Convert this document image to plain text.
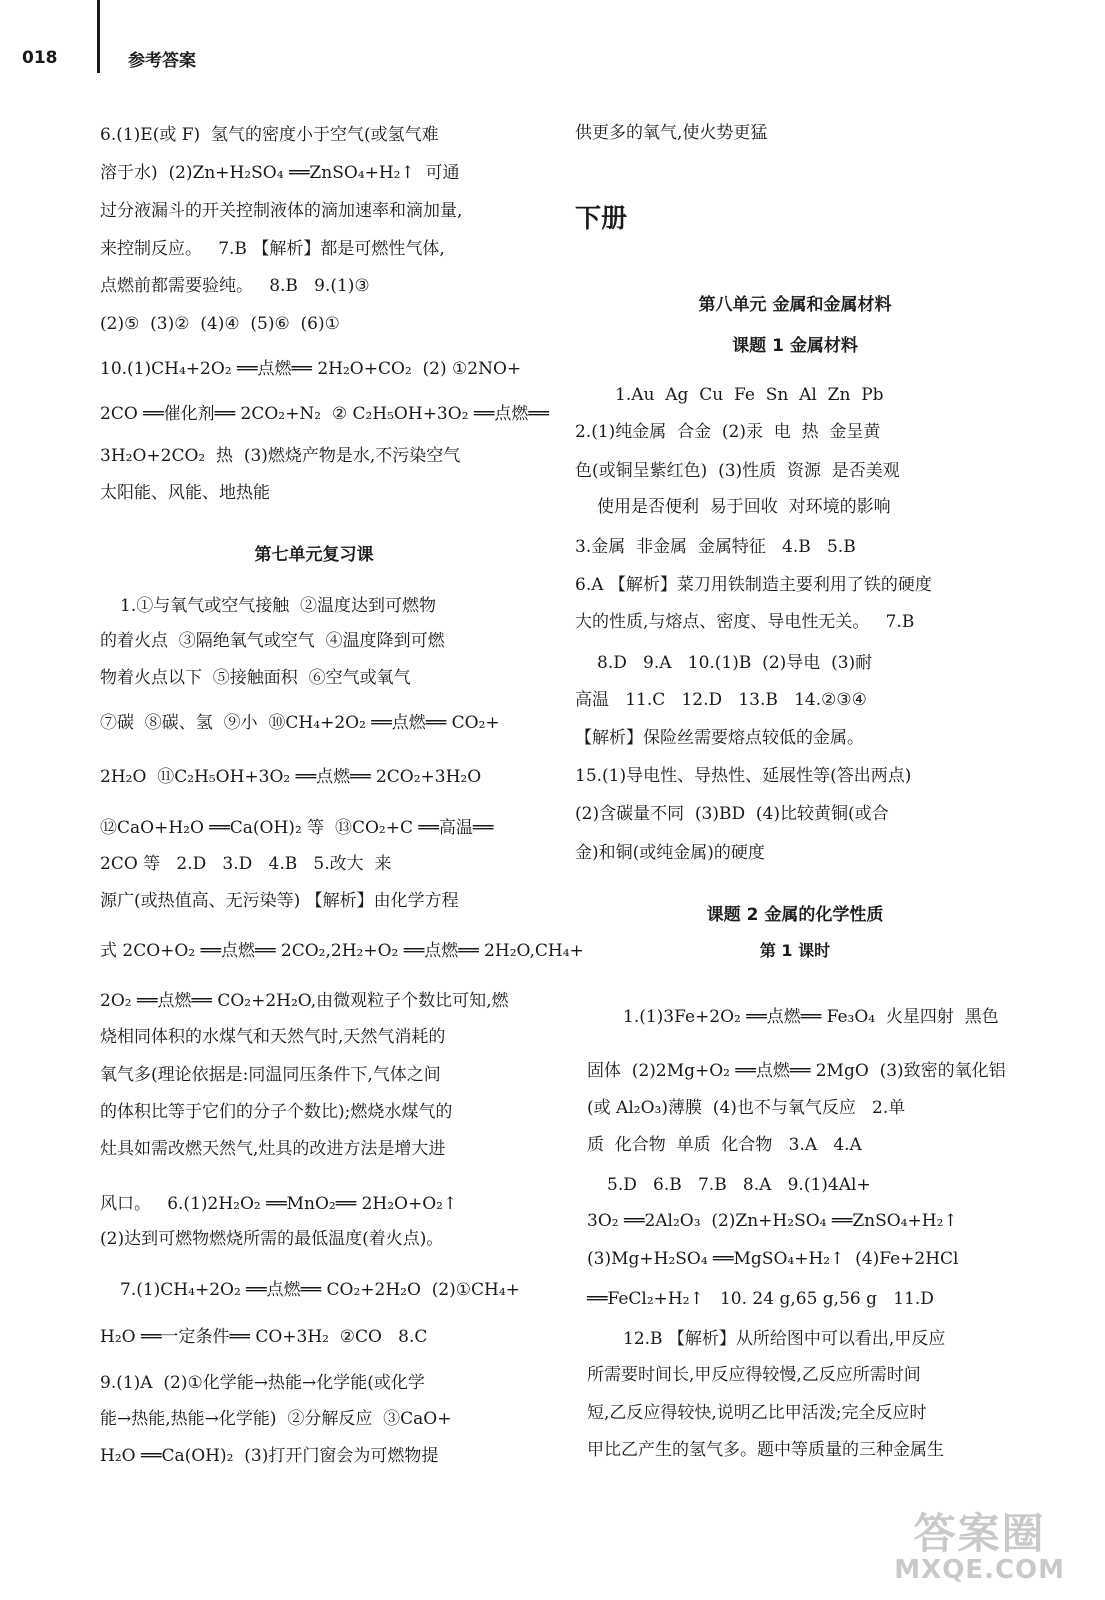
018	参考答案
6.(1)E(或 F)  氢气的密度小于空气(或氢气难
溶于水)  (2)Zn+H₂SO₄ ══ZnSO₄+H₂↑  可通
过分液漏斗的开关控制液体的滴加速率和滴加量,
来控制反应。   7.B 【解析】都是可燃性气体,
点燃前都需要验纯。   8.B   9.(1)③
(2)⑤  (3)②  (4)④  (5)⑥  (6)①
10.(1)CH₄+2O₂ ══点燃══ 2H₂O+CO₂  (2) ①2NO+
2CO ══催化剂══ 2CO₂+N₂  ② C₂H₅OH+3O₂ ══点燃══
3H₂O+2CO₂  热  (3)燃烧产物是水,不污染空气
太阳能、风能、地热能
第七单元复习课
1.①与氧气或空气接触  ②温度达到可燃物
的着火点  ③隔绝氧气或空气  ④温度降到可燃
物着火点以下  ⑤接触面积  ⑥空气或氧气
⑦碳  ⑧碳、氢  ⑨小  ⑩CH₄+2O₂ ══点燃══ CO₂+
2H₂O  ⑪C₂H₅OH+3O₂ ══点燃══ 2CO₂+3H₂O
⑫CaO+H₂O ══Ca(OH)₂ 等  ⑬CO₂+C ══高温══
2CO 等   2.D   3.D   4.B   5.改大  来
源广(或热值高、无污染等) 【解析】由化学方程
式 2CO+O₂ ══点燃══ 2CO₂,2H₂+O₂ ══点燃══ 2H₂O,CH₄+
2O₂ ══点燃══ CO₂+2H₂O,由微观粒子个数比可知,燃
烧相同体积的水煤气和天然气时,天然气消耗的
氧气多(理论依据是:同温同压条件下,气体之间
的体积比等于它们的分子个数比);燃烧水煤气的
灶具如需改燃天然气,灶具的改进方法是增大进
风口。   6.(1)2H₂O₂ ══MnO₂══ 2H₂O+O₂↑
(2)达到可燃物燃烧所需的最低温度(着火点)。
7.(1)CH₄+2O₂ ══点燃══ CO₂+2H₂O  (2)①CH₄+
H₂O ══一定条件══ CO+3H₂  ②CO   8.C
9.(1)A  (2)①化学能→热能→化学能(或化学
能→热能,热能→化学能)  ②分解反应  ③CaO+
H₂O ══Ca(OH)₂  (3)打开门窗会为可燃物提
供更多的氧气,使火势更猛
下册
第八单元 金属和金属材料
课题 1 金属材料
1.Au  Ag  Cu  Fe  Sn  Al  Zn  Pb
2.(1)纯金属  合金  (2)汞  电  热  金呈黄
色(或铜呈紫红色)  (3)性质  资源  是否美观
使用是否便利  易于回收  对环境的影响
3.金属  非金属  金属特征   4.B   5.B
6.A 【解析】菜刀用铁制造主要利用了铁的硬度
大的性质,与熔点、密度、导电性无关。   7.B
8.D   9.A   10.(1)B  (2)导电  (3)耐
高温   11.C   12.D   13.B   14.②③④
【解析】保险丝需要熔点较低的金属。
15.(1)导电性、导热性、延展性等(答出两点)
(2)含碳量不同  (3)BD  (4)比较黄铜(或合
金)和铜(或纯金属)的硬度
课题 2 金属的化学性质
第 1 课时
1.(1)3Fe+2O₂ ══点燃══ Fe₃O₄  火星四射  黑色
固体  (2)2Mg+O₂ ══点燃══ 2MgO  (3)致密的氧化铝
(或 Al₂O₃)薄膜  (4)也不与氧气反应   2.单
质  化合物  单质  化合物   3.A   4.A
5.D   6.B   7.B   8.A   9.(1)4Al+
3O₂ ══2Al₂O₃  (2)Zn+H₂SO₄ ══ZnSO₄+H₂↑
(3)Mg+H₂SO₄ ══MgSO₄+H₂↑  (4)Fe+2HCl
══FeCl₂+H₂↑   10. 24 g,65 g,56 g   11.D
12.B 【解析】从所给图中可以看出,甲反应
所需要时间长,甲反应得较慢,乙反应所需时间
短,乙反应得较快,说明乙比甲活泼;完全反应时
甲比乙产生的氢气多。题中等质量的三种金属生
答案圈
MXQE.COM
